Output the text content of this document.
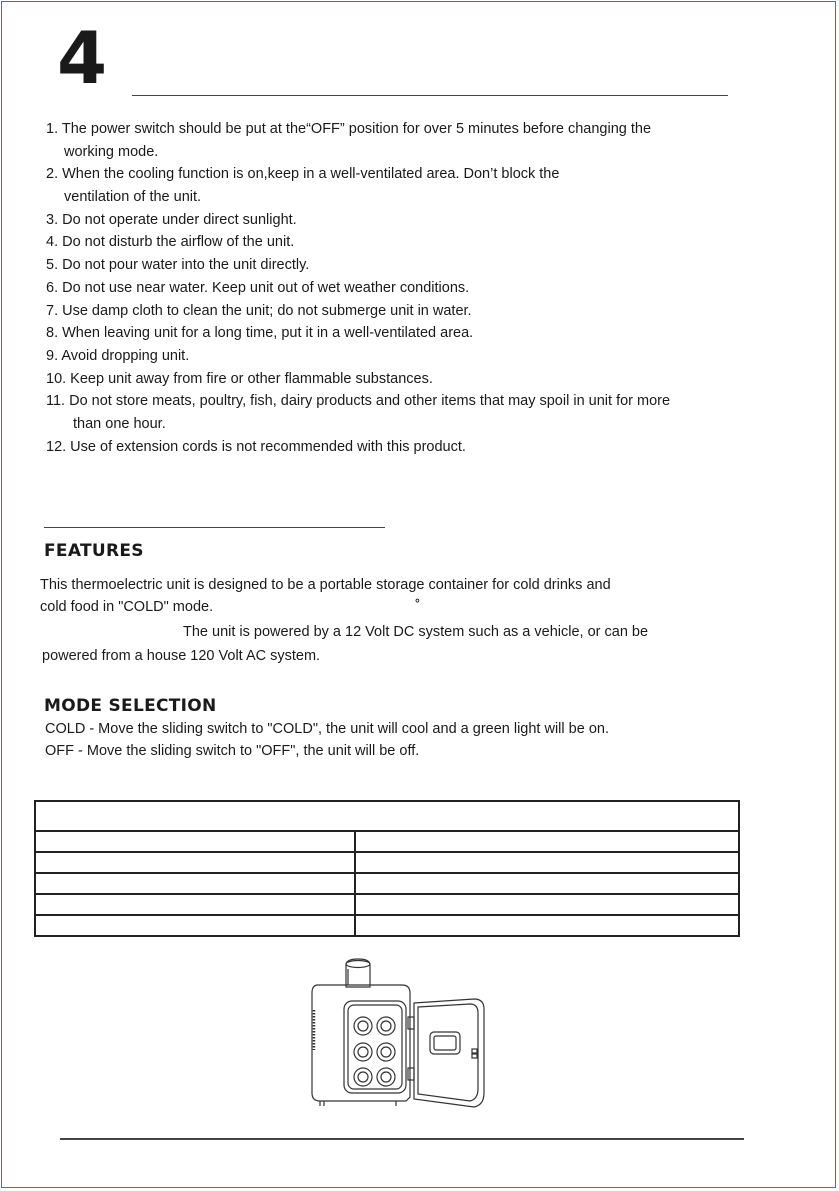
4
1. The power switch should be put at the“OFF” position for over 5 minutes before changing the
working mode.
2. When the cooling function is on,keep in a well-ventilated area. Don’t block the
ventilation of the unit.
3. Do not operate under direct sunlight.
4. Do not disturb the airflow of the unit.
5. Do not pour water into the unit directly.
6. Do not use near water. Keep unit out of wet weather conditions.
7. Use damp cloth to clean the unit; do not submerge unit in water.
8. When leaving unit for a long time, put it in a well-ventilated area.
9. Avoid dropping unit.
10. Keep unit away from fire or other flammable substances.
11. Do not store meats, poultry, fish, dairy products and other items that may spoil in unit for more
than one hour.
12. Use of extension cords is not recommended with this product.
FEATURES
This thermoelectric unit is designed to be a portable storage container for cold drinks and
cold food in "COLD" mode.	°
The unit is powered by a 12 Volt DC system such as a vehicle, or can be
powered from a house 120 Volt AC system.
MODE SELECTION
COLD - Move the sliding switch to "COLD", the unit will cool and a green light will be on.
OFF - Move the sliding switch to "OFF", the unit will be off.
